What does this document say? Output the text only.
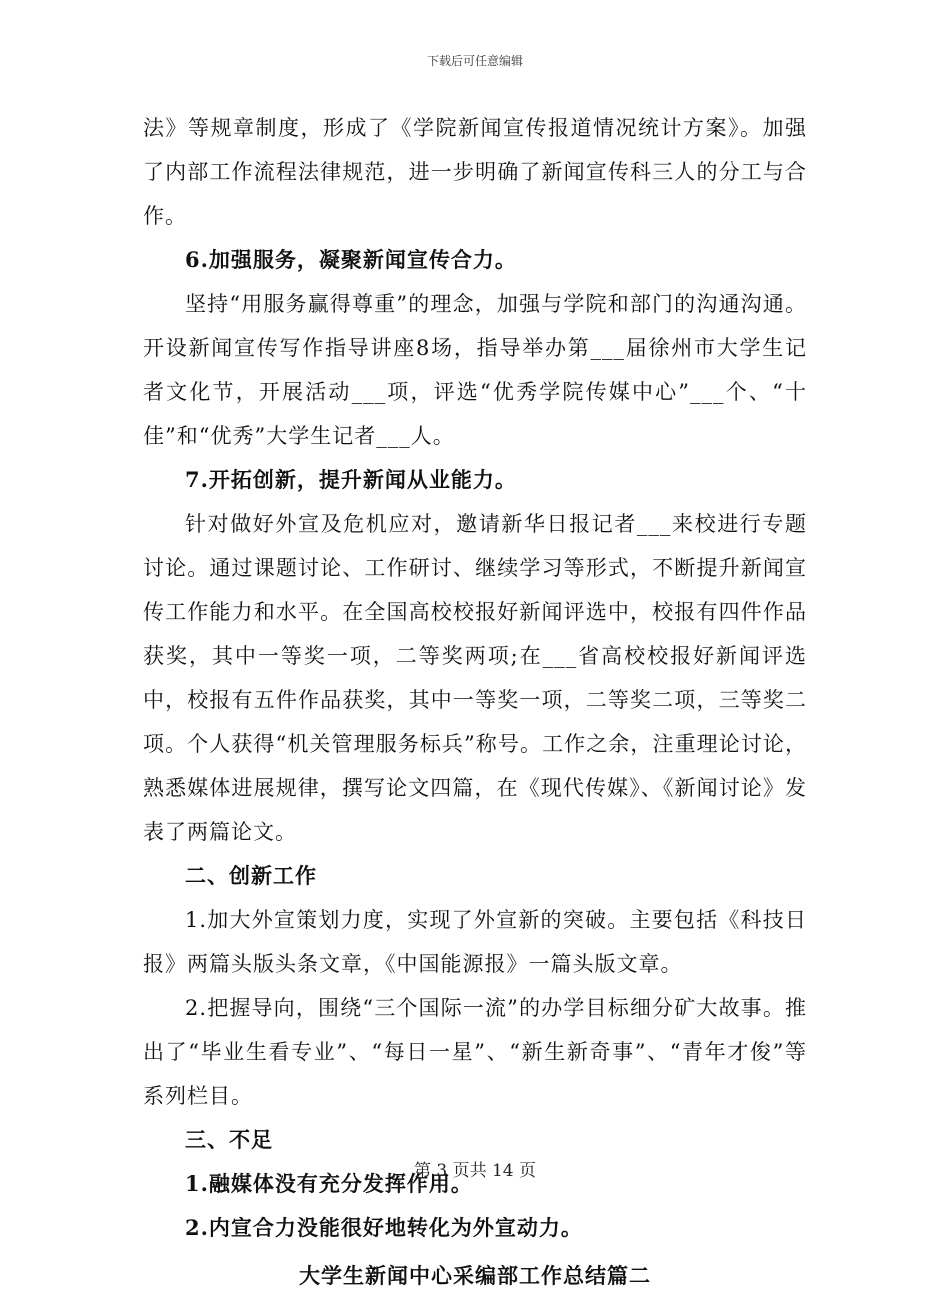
下载后可任意编辑

法》等规章制度，形成了《学院新闻宣传报道情况统计方案》。加强了内部工作流程法律规范，进一步明确了新闻宣传科三人的分工与合作。

6.加强服务，凝聚新闻宣传合力。

坚持“用服务赢得尊重”的理念，加强与学院和部门的沟通沟通。开设新闻宣传写作指导讲座8场，指导举办第___届徐州市大学生记者文化节，开展活动___项，评选“优秀学院传媒中心”___个、“十佳”和“优秀”大学生记者___人。

7.开拓创新，提升新闻从业能力。

针对做好外宣及危机应对，邀请新华日报记者___来校进行专题讨论。通过课题讨论、工作研讨、继续学习等形式，不断提升新闻宣传工作能力和水平。在全国高校校报好新闻评选中，校报有四件作品获奖，其中一等奖一项，二等奖两项;在___省高校校报好新闻评选中，校报有五件作品获奖，其中一等奖一项，二等奖二项，三等奖二项。个人获得“机关管理服务标兵”称号。工作之余，注重理论讨论，熟悉媒体进展规律，撰写论文四篇，在《现代传媒》、《新闻讨论》发表了两篇论文。

二、创新工作

1.加大外宣策划力度，实现了外宣新的突破。主要包括《科技日报》两篇头版头条文章，《中国能源报》一篇头版文章。

2.把握导向，围绕“三个国际一流”的办学目标细分矿大故事。推出了“毕业生看专业”、“每日一星”、“新生新奇事”、“青年才俊”等系列栏目。

三、不足

1.融媒体没有充分发挥作用。

2.内宣合力没能很好地转化为外宣动力。

大学生新闻中心采编部工作总结篇二

第 3 页共 14 页
